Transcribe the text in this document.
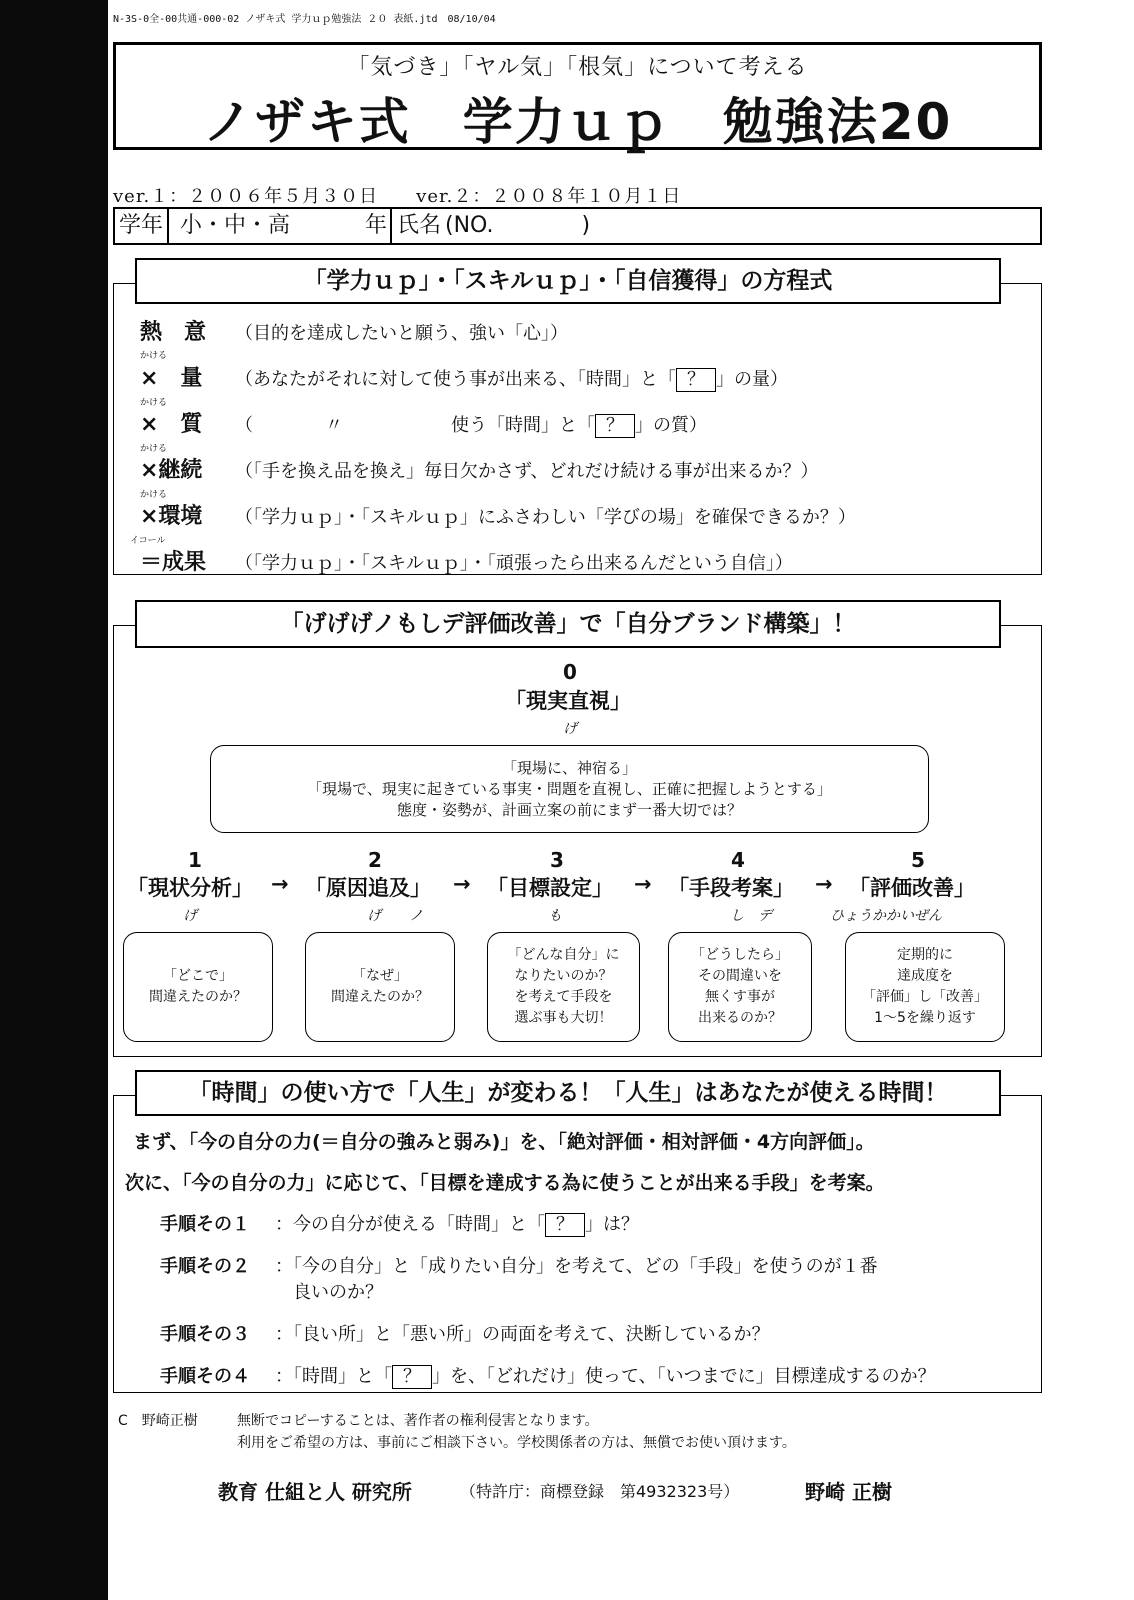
N-3S-0全-00共通-000-02 ノザキ式 学力ｕｐ勉強法 ２０ 表紙.jtd　08/10/04
「気づき」「ヤル気」「根気」について考える
ノザキ式　学力ｕｐ　勉強法20
ver.１：２００６年５月３０日　　ver.２：２００８年１０月１日
学年 小・中・高	年 氏名 (NO.　　　　)
「学力ｕｐ」・「スキルｕｐ」・「自信獲得」の方程式
熱　意 （目的を達成したいと願う、強い「心」）
かける
×　量 （あなたがそれに対して使う事が出来る、「時間」と「 ？ 」の量）
かける
×　質 （　　　　〃　　　　　　使う「時間」と「 ？ 」の質）
かける
×継続 （「手を換え品を換え」毎日欠かさず、どれだけ続ける事が出来るか？）
かける
×環境 （「学力ｕｐ」・「スキルｕｐ」にふさわしい「学びの場」を確保できるか？）
イコール
＝成果 （「学力ｕｐ」・「スキルｕｐ」・「頑張ったら出来るんだという自信」）
「げげげノもしデ評価改善」で「自分ブランド構築」！
0
「現実直視」
げ
「現場に、神宿る」
「現場で、現実に起きている事実・問題を直視し、正確に把握しようとする」
態度・姿勢が、計画立案の前にまず一番大切では？
1	2	3	4	5
「現状分析」 → 「原因追及」 → 「目標設定」 → 「手段考案」 → 「評価改善」
げ	げ　　ノ	も	し　デ	ひょうかかいぜん
「どこで」
間違えたのか？
「なぜ」
間違えたのか？
「どんな自分」に
なりたいのか？
を考えて手段を
選ぶ事も大切！
「どうしたら」
その間違いを
無くす事が
出来るのか？
定期的に
達成度を
「評価」し「改善」
1～5を繰り返す
「時間」の使い方で「人生」が変わる！「人生」はあなたが使える時間！
まず、「今の自分の力(＝自分の強みと弱み)」を、「絶対評価・相対評価・4方向評価」。
次に、「今の自分の力」に応じて、「目標を達成する為に使うことが出来る手段」を考案。
手順その１ ：今の自分が使える「時間」と「 ？ 」は？
手順その２ ：「今の自分」と「成りたい自分」を考えて、どの「手段」を使うのが１番
良いのか？
手順その３ ：「良い所」と「悪い所」の両面を考えて、決断しているか？
手順その４ ：「時間」と「 ？ 」を、「どれだけ」使って、「いつまでに」目標達成するのか？
C　野崎正樹	無断でコピーすることは、著作者の権利侵害となります。
利用をご希望の方は、事前にご相談下さい。学校関係者の方は、無償でお使い頂けます。
教育 仕組と人 研究所	（特許庁：商標登録　第4932323号）	野崎 正樹
